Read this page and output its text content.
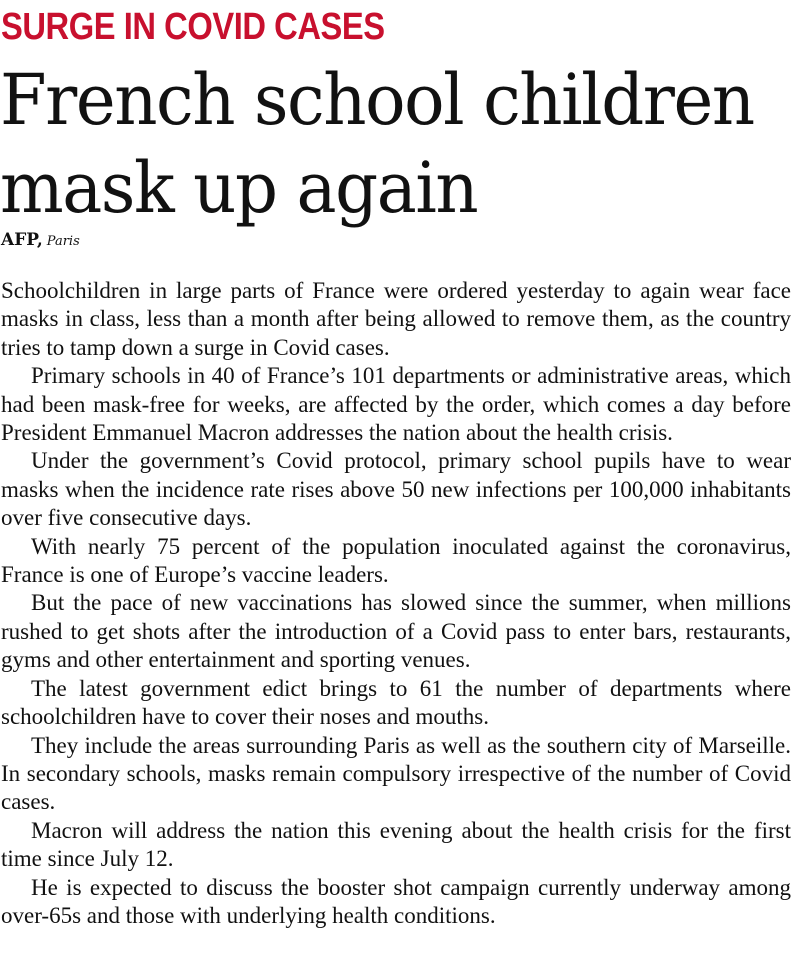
SURGE IN COVID CASES
French school children
mask up again
AFP, Paris

Schoolchildren in large parts of France were ordered yesterday to again wear face masks in class, less than a month after being allowed to remove them, as the country tries to tamp down a surge in Covid cases.

Primary schools in 40 of France’s 101 departments or administrative areas, which had been mask-free for weeks, are affected by the order, which comes a day before President Emmanuel Macron addresses the nation about the health crisis.

Under the government’s Covid protocol, primary school pupils have to wear masks when the incidence rate rises above 50 new infections per 100,000 inhabitants over five consecutive days.

With nearly 75 percent of the population inoculated against the coronavirus, France is one of Europe’s vaccine leaders.

But the pace of new vaccinations has slowed since the summer, when millions rushed to get shots after the introduction of a Covid pass to enter bars, restaurants, gyms and other entertainment and sporting venues.

The latest government edict brings to 61 the number of departments where schoolchildren have to cover their noses and mouths.

They include the areas surrounding Paris as well as the southern city of Marseille. In secondary schools, masks remain compulsory irrespective of the number of Covid cases.

Macron will address the nation this evening about the health crisis for the first time since July 12.

He is expected to discuss the booster shot campaign currently underway among over-65s and those with underlying health conditions.
